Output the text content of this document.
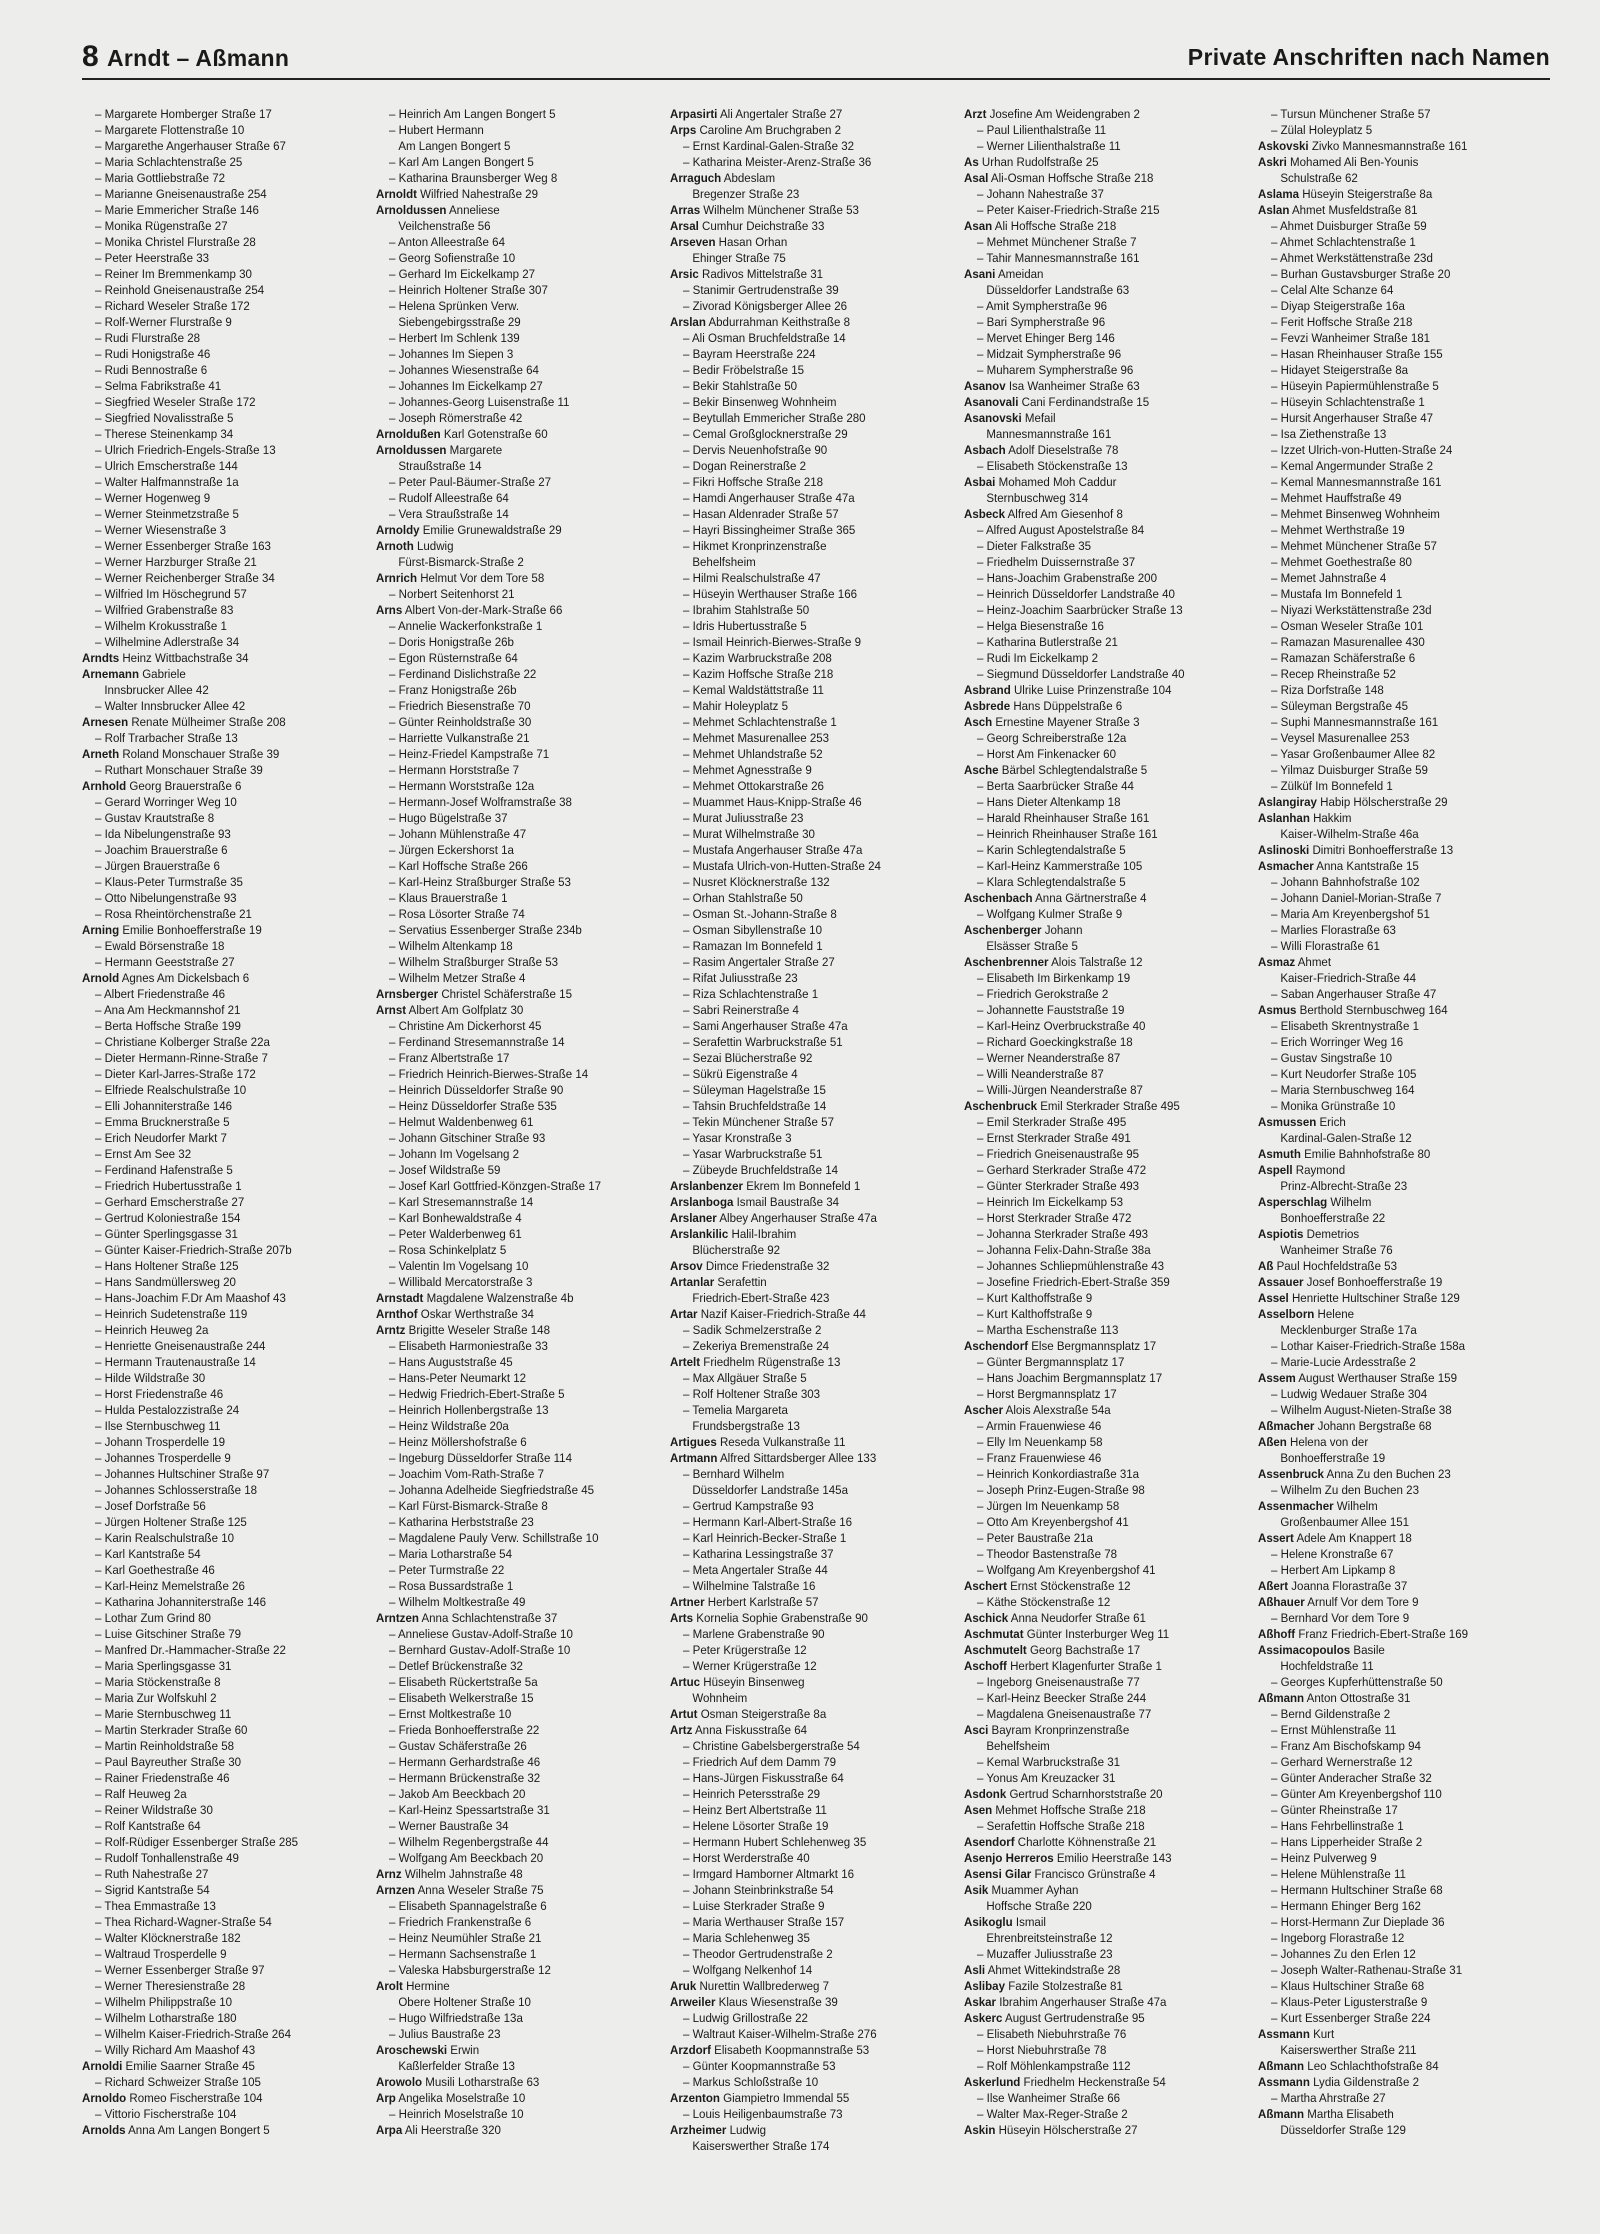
8 Arndt – Aßmann	Private Anschriften nach Namen
– Margarete Homberger Straße 17
– Margarete Flottenstraße 10
– Margarethe Angerhauser Straße 67
– Maria Schlachtenstraße 25
– Maria Gottliebstraße 72
– Marianne Gneisenaustraße 254
– Marie Emmericher Straße 146
– Monika Rügenstraße 27
– Monika Christel Flurstraße 28
– Peter Heerstraße 33
– Reiner Im Bremmenkamp 30
– Reinhold Gneisenaustraße 254
– Richard Weseler Straße 172
– Rolf-Werner Flurstraße 9
– Rudi Flurstraße 28
– Rudi Honigstraße 46
– Rudi Bennostraße 6
– Selma Fabrikstraße 41
– Siegfried Weseler Straße 172
– Siegfried Novalisstraße 5
– Therese Steinenkamp 34
– Ulrich Friedrich-Engels-Straße 13
– Ulrich Emscherstraße 144
– Walter Halfmannstraße 1a
– Werner Hogenweg 9
– Werner Steinmetzstraße 5
– Werner Wiesenstraße 3
– Werner Essenberger Straße 163
– Werner Harzburger Straße 21
– Werner Reichenberger Straße 34
– Wilfried Im Höschegrund 57
– Wilfried Grabenstraße 83
– Wilhelm Krokusstraße 1
– Wilhelmine Adlerstraße 34
Arndts Heinz Wittbachstraße 34
Arnemann Gabriele
Innsbrucker Allee 42
– Walter Innsbrucker Allee 42
Arnesen Renate Mülheimer Straße 208
– Rolf Trarbacher Straße 13
Arneth Roland Monschauer Straße 39
– Ruthart Monschauer Straße 39
Arnhold Georg Brauerstraße 6
– Gerard Worringer Weg 10
– Gustav Krautstraße 8
– Ida Nibelungenstraße 93
– Joachim Brauerstraße 6
– Jürgen Brauerstraße 6
– Klaus-Peter Turmstraße 35
– Otto Nibelungenstraße 93
– Rosa Rheintörchenstraße 21
Arning Emilie Bonhoefferstraße 19
– Ewald Börsenstraße 18
– Hermann Geeststraße 27
Arnold Agnes Am Dickelsbach 6
– Albert Friedenstraße 46
– Ana Am Heckmannshof 21
– Berta Hoffsche Straße 199
– Christiane Kolberger Straße 22a
– Dieter Hermann-Rinne-Straße 7
– Dieter Karl-Jarres-Straße 172
– Elfriede Realschulstraße 10
– Elli Johanniterstraße 146
– Emma Brucknerstraße 5
– Erich Neudorfer Markt 7
– Ernst Am See 32
– Ferdinand Hafenstraße 5
– Friedrich Hubertusstraße 1
– Gerhard Emscherstraße 27
– Gertrud Koloniestraße 154
– Günter Sperlingsgasse 31
– Günter Kaiser-Friedrich-Straße 207b
– Hans Holtener Straße 125
– Hans Sandmüllersweg 20
– Hans-Joachim F.Dr Am Maashof 43
– Heinrich Sudetenstraße 119
– Heinrich Heuweg 2a
– Henriette Gneisenaustraße 244
– Hermann Trautenaustraße 14
– Hilde Wildstraße 30
– Horst Friedenstraße 46
– Hulda Pestalozzistraße 24
– Ilse Sternbuschweg 11
– Johann Trosperdelle 19
– Johannes Trosperdelle 9
– Johannes Hultschiner Straße 97
– Johannes Schlosserstraße 18
– Josef Dorfstraße 56
– Jürgen Holtener Straße 125
– Karin Realschulstraße 10
– Karl Kantstraße 54
– Karl Goethestraße 46
– Karl-Heinz Memelstraße 26
– Katharina Johanniterstraße 146
– Lothar Zum Grind 80
– Luise Gitschiner Straße 79
– Manfred Dr.-Hammacher-Straße 22
– Maria Sperlingsgasse 31
– Maria Stöckenstraße 8
– Maria Zur Wolfskuhl 2
– Marie Sternbuschweg 11
– Martin Sterkrader Straße 60
– Martin Reinholdstraße 58
– Paul Bayreuther Straße 30
– Rainer Friedenstraße 46
– Ralf Heuweg 2a
– Reiner Wildstraße 30
– Rolf Kantstraße 64
– Rolf-Rüdiger Essenberger Straße 285
– Rudolf Tonhallenstraße 49
– Ruth Nahestraße 27
– Sigrid Kantstraße 54
– Thea Emmastraße 13
– Thea Richard-Wagner-Straße 54
– Walter Klöcknerstraße 182
– Waltraud Trosperdelle 9
– Werner Essenberger Straße 97
– Werner Theresienstraße 28
– Wilhelm Philippstraße 10
– Wilhelm Lotharstraße 180
– Wilhelm Kaiser-Friedrich-Straße 264
– Willy Richard Am Maashof 43
Arnoldi Emilie Saarner Straße 45
– Richard Schweizer Straße 105
Arnoldo Romeo Fischerstraße 104
– Vittorio Fischerstraße 104
Arnolds Anna Am Langen Bongert 5
– Heinrich Am Langen Bongert 5
– Hubert Hermann
Am Langen Bongert 5
– Karl Am Langen Bongert 5
– Katharina Braunsberger Weg 8
Arnoldt Wilfried Nahestraße 29
Arnoldussen Anneliese
Veilchenstraße 56
– Anton Alleestraße 64
– Georg Sofienstraße 10
– Gerhard Im Eickelkamp 27
– Heinrich Holtener Straße 307
– Helena Sprünken Verw.
Siebengebirgsstraße 29
– Herbert Im Schlenk 139
– Johannes Im Siepen 3
– Johannes Wiesenstraße 64
– Johannes Im Eickelkamp 27
– Johannes-Georg Luisenstraße 11
– Joseph Römerstraße 42
Arnoldußen Karl Gotenstraße 60
Arnoldussen Margarete
Straußstraße 14
– Peter Paul-Bäumer-Straße 27
– Rudolf Alleestraße 64
– Vera Straußstraße 14
Arnoldy Emilie Grunewaldstraße 29
Arnoth Ludwig
Fürst-Bismarck-Straße 2
Arnrich Helmut Vor dem Tore 58
– Norbert Seitenhorst 21
Arns Albert Von-der-Mark-Straße 66
– Annelie Wackerfonkstraße 1
– Doris Honigstraße 26b
– Egon Rüsternstraße 64
– Ferdinand Dislichstraße 22
– Franz Honigstraße 26b
– Friedrich Biesenstraße 70
– Günter Reinholdstraße 30
– Harriette Vulkanstraße 21
– Heinz-Friedel Kampstraße 71
– Hermann Horststraße 7
– Hermann Worststraße 12a
– Hermann-Josef Wolframstraße 38
– Hugo Bügelstraße 37
– Johann Mühlenstraße 47
– Jürgen Eckershorst 1a
– Karl Hoffsche Straße 266
– Karl-Heinz Straßburger Straße 53
– Klaus Brauerstraße 1
– Rosa Lösorter Straße 74
– Servatius Essenberger Straße 234b
– Wilhelm Altenkamp 18
– Wilhelm Straßburger Straße 53
– Wilhelm Metzer Straße 4
Arnsberger Christel Schäferstraße 15
Arnst Albert Am Golfplatz 30
– Christine Am Dickerhorst 45
– Ferdinand Stresemannstraße 14
– Franz Albertstraße 17
– Friedrich Heinrich-Bierwes-Straße 14
– Heinrich Düsseldorfer Straße 90
– Heinz Düsseldorfer Straße 535
– Helmut Waldenbenweg 61
– Johann Gitschiner Straße 93
– Johann Im Vogelsang 2
– Josef Wildstraße 59
– Josef Karl Gottfried-Könzgen-Straße 17
– Karl Stresemannstraße 14
– Karl Bonhewaldstraße 4
– Peter Walderbenweg 61
– Rosa Schinkelplatz 5
– Valentin Im Vogelsang 10
– Willibald Mercatorstraße 3
Arnstadt Magdalene Walzenstraße 4b
Arnthof Oskar Werthstraße 34
Arntz Brigitte Weseler Straße 148
– Elisabeth Harmoniestraße 33
– Hans Auguststraße 45
– Hans-Peter Neumarkt 12
– Hedwig Friedrich-Ebert-Straße 5
– Heinrich Hollenbergstraße 13
– Heinz Wildstraße 20a
– Heinz Möllershofstraße 6
– Ingeburg Düsseldorfer Straße 114
– Joachim Vom-Rath-Straße 7
– Johanna Adelheide Siegfriedstraße 45
– Karl Fürst-Bismarck-Straße 8
– Katharina Herbststraße 23
– Magdalene Pauly Verw. Schillstraße 10
– Maria Lotharstraße 54
– Peter Turmstraße 22
– Rosa Bussardstraße 1
– Wilhelm Moltkestraße 49
Arntzen Anna Schlachtenstraße 37
– Anneliese Gustav-Adolf-Straße 10
– Bernhard Gustav-Adolf-Straße 10
– Detlef Brückenstraße 32
– Elisabeth Rückertstraße 5a
– Elisabeth Welkerstraße 15
– Ernst Moltkestraße 10
– Frieda Bonhoefferstraße 22
– Gustav Schäferstraße 26
– Hermann Gerhardstraße 46
– Hermann Brückenstraße 32
– Jakob Am Beeckbach 20
– Karl-Heinz Spessartstraße 31
– Werner Baustraße 34
– Wilhelm Regenbergstraße 44
– Wolfgang Am Beeckbach 20
Arnz Wilhelm Jahnstraße 48
Arnzen Anna Weseler Straße 75
– Elisabeth Spannagelstraße 6
– Friedrich Frankenstraße 6
– Heinz Neumühler Straße 21
– Hermann Sachsenstraße 1
– Valeska Habsburgerstraße 12
Arolt Hermine
Obere Holtener Straße 10
– Hugo Wilfriedstraße 13a
– Julius Baustraße 23
Aroschewski Erwin
Kaßlerfelder Straße 13
Arowolo Musili Lotharstraße 63
Arp Angelika Moselstraße 10
– Heinrich Moselstraße 10
Arpa Ali Heerstraße 320
Arpasirti Ali Angertaler Straße 27
Arps Caroline Am Bruchgraben 2
– Ernst Kardinal-Galen-Straße 32
– Katharina Meister-Arenz-Straße 36
Arraguch Abdeslam
Bregenzer Straße 23
Arras Wilhelm Münchener Straße 53
Arsal Cumhur Deichstraße 33
Arseven Hasan Orhan
Ehinger Straße 75
Arsic Radivos Mittelstraße 31
– Stanimir Gertrudenstraße 39
– Zivorad Königsberger Allee 26
Arslan Abdurrahman Keithstraße 8
– Ali Osman Bruchfeldstraße 14
– Bayram Heerstraße 224
– Bedir Fröbelstraße 15
– Bekir Stahlstraße 50
– Bekir Binsenweg Wohnheim
– Beytullah Emmericher Straße 280
– Cemal Großglocknerstraße 29
– Dervis Neuenhofstraße 90
– Dogan Reinerstraße 2
– Fikri Hoffsche Straße 218
– Hamdi Angerhauser Straße 47a
– Hasan Aldenrader Straße 57
– Hayri Bissingheimer Straße 365
– Hikmet Kronprinzenstraße
Behelfsheim
– Hilmi Realschulstraße 47
– Hüseyin Werthauser Straße 166
– Ibrahim Stahlstraße 50
– Idris Hubertusstraße 5
– Ismail Heinrich-Bierwes-Straße 9
– Kazim Warbruckstraße 208
– Kazim Hoffsche Straße 218
– Kemal Waldstättstraße 11
– Mahir Holeyplatz 5
– Mehmet Schlachtenstraße 1
– Mehmet Masurenallee 253
– Mehmet Uhlandstraße 52
– Mehmet Agnesstraße 9
– Mehmet Ottokarstraße 26
– Muammet Haus-Knipp-Straße 46
– Murat Juliusstraße 23
– Murat Wilhelmstraße 30
– Mustafa Angerhauser Straße 47a
– Mustafa Ulrich-von-Hutten-Straße 24
– Nusret Klöcknerstraße 132
– Orhan Stahlstraße 50
– Osman St.-Johann-Straße 8
– Osman Sibyllenstraße 10
– Ramazan Im Bonnefeld 1
– Rasim Angertaler Straße 27
– Rifat Juliusstraße 23
– Riza Schlachtenstraße 1
– Sabri Reinerstraße 4
– Sami Angerhauser Straße 47a
– Serafettin Warbruckstraße 51
– Sezai Blücherstraße 92
– Sükrü Eigenstraße 4
– Süleyman Hagelstraße 15
– Tahsin Bruchfeldstraße 14
– Tekin Münchener Straße 57
– Yasar Kronstraße 3
– Yasar Warbruckstraße 51
– Zübeyde Bruchfeldstraße 14
Arslanbenzer Ekrem Im Bonnefeld 1
Arslanboga Ismail Baustraße 34
Arslaner Albey Angerhauser Straße 47a
Arslankilic Halil-Ibrahim
Blücherstraße 92
Arsov Dimce Friedenstraße 32
Artanlar Serafettin
Friedrich-Ebert-Straße 423
Artar Nazif Kaiser-Friedrich-Straße 44
– Sadik Schmelzerstraße 2
– Zekeriya Bremenstraße 24
Artelt Friedhelm Rügenstraße 13
– Max Allgäuer Straße 5
– Rolf Holtener Straße 303
– Temelia Margareta
Frundsbergstraße 13
Artigues Reseda Vulkanstraße 11
Artmann Alfred Sittardsberger Allee 133
– Bernhard Wilhelm
Düsseldorfer Landstraße 145a
– Gertrud Kampstraße 93
– Hermann Karl-Albert-Straße 16
– Karl Heinrich-Becker-Straße 1
– Katharina Lessingstraße 37
– Meta Angertaler Straße 44
– Wilhelmine Talstraße 16
Artner Herbert Karlstraße 57
Arts Kornelia Sophie Grabenstraße 90
– Marlene Grabenstraße 90
– Peter Krügerstraße 12
– Werner Krügerstraße 12
Artuc Hüseyin Binsenweg
Wohnheim
Artut Osman Steigerstraße 8a
Artz Anna Fiskusstraße 64
– Christine Gabelsbergerstraße 54
– Friedrich Auf dem Damm 79
– Hans-Jürgen Fiskusstraße 64
– Heinrich Petersstraße 29
– Heinz Bert Albertstraße 11
– Helene Lösorter Straße 19
– Hermann Hubert Schlehenweg 35
– Horst Werderstraße 40
– Irmgard Hamborner Altmarkt 16
– Johann Steinbrinkstraße 54
– Luise Sterkrader Straße 9
– Maria Werthauser Straße 157
– Maria Schlehenweg 35
– Theodor Gertrudenstraße 2
– Wolfgang Nelkenhof 14
Aruk Nurettin Wallbrederweg 7
Arweiler Klaus Wiesenstraße 39
– Ludwig Grillostraße 22
– Waltraut Kaiser-Wilhelm-Straße 276
Arzdorf Elisabeth Koopmannstraße 53
– Günter Koopmannstraße 53
– Markus Schloßstraße 10
Arzenton Giampietro Immendal 55
– Louis Heiligenbaumstraße 73
Arzheimer Ludwig
Kaiserswerther Straße 174
Arzt Josefine Am Weidengraben 2
– Paul Lilienthalstraße 11
– Werner Lilienthalstraße 11
As Urhan Rudolfstraße 25
Asal Ali-Osman Hoffsche Straße 218
– Johann Nahestraße 37
– Peter Kaiser-Friedrich-Straße 215
Asan Ali Hoffsche Straße 218
– Mehmet Münchener Straße 7
– Tahir Mannesmannstraße 161
Asani Ameidan
Düsseldorfer Landstraße 63
– Amit Sympherstraße 96
– Bari Sympherstraße 96
– Mervet Ehinger Berg 146
– Midzait Sympherstraße 96
– Muharem Sympherstraße 96
Asanov Isa Wanheimer Straße 63
Asanovali Cani Ferdinandstraße 15
Asanovski Mefail
Mannesmannstraße 161
Asbach Adolf Dieselstraße 78
– Elisabeth Stöckenstraße 13
Asbai Mohamed Moh Caddur
Sternbuschweg 314
Asbeck Alfred Am Giesenhof 8
– Alfred August Apostelstraße 84
– Dieter Falkstraße 35
– Friedhelm Duissernstraße 37
– Hans-Joachim Grabenstraße 200
– Heinrich Düsseldorfer Landstraße 40
– Heinz-Joachim Saarbrücker Straße 13
– Helga Biesenstraße 16
– Katharina Butlerstraße 21
– Rudi Im Eickelkamp 2
– Siegmund Düsseldorfer Landstraße 40
Asbrand Ulrike Luise Prinzenstraße 104
Asbrede Hans Düppelstraße 6
Asch Ernestine Mayener Straße 3
– Georg Schreiberstraße 12a
– Horst Am Finkenacker 60
Asche Bärbel Schlegtendalstraße 5
– Berta Saarbrücker Straße 44
– Hans Dieter Altenkamp 18
– Harald Rheinhauser Straße 161
– Heinrich Rheinhauser Straße 161
– Karin Schlegtendalstraße 5
– Karl-Heinz Kammerstraße 105
– Klara Schlegtendalstraße 5
Aschenbach Anna Gärtnerstraße 4
– Wolfgang Kulmer Straße 9
Aschenberger Johann
Elsässer Straße 5
Aschenbrenner Alois Talstraße 12
– Elisabeth Im Birkenkamp 19
– Friedrich Gerokstraße 2
– Johannette Fauststraße 19
– Karl-Heinz Overbruckstraße 40
– Richard Goeckingkstraße 18
– Werner Neanderstraße 87
– Willi Neanderstraße 87
– Willi-Jürgen Neanderstraße 87
Aschenbruck Emil Sterkrader Straße 495
– Emil Sterkrader Straße 495
– Ernst Sterkrader Straße 491
– Friedrich Gneisenaustraße 95
– Gerhard Sterkrader Straße 472
– Günter Sterkrader Straße 493
– Heinrich Im Eickelkamp 53
– Horst Sterkrader Straße 472
– Johanna Sterkrader Straße 493
– Johanna Felix-Dahn-Straße 38a
– Johannes Schliepmühlenstraße 43
– Josefine Friedrich-Ebert-Straße 359
– Kurt Kalthoffstraße 9
– Kurt Kalthoffstraße 9
– Martha Eschenstraße 113
Aschendorf Else Bergmannsplatz 17
– Günter Bergmannsplatz 17
– Hans Joachim Bergmannsplatz 17
– Horst Bergmannsplatz 17
Ascher Alois Alexstraße 54a
– Armin Frauenwiese 46
– Elly Im Neuenkamp 58
– Franz Frauenwiese 46
– Heinrich Konkordiastraße 31a
– Joseph Prinz-Eugen-Straße 98
– Jürgen Im Neuenkamp 58
– Otto Am Kreyenbergshof 41
– Peter Baustraße 21a
– Theodor Bastenstraße 78
– Wolfgang Am Kreyenbergshof 41
Aschert Ernst Stöckenstraße 12
– Käthe Stöckenstraße 12
Aschick Anna Neudorfer Straße 61
Aschmutat Günter Insterburger Weg 11
Aschmutelt Georg Bachstraße 17
Aschoff Herbert Klagenfurter Straße 1
– Ingeborg Gneisenaustraße 77
– Karl-Heinz Beecker Straße 244
– Magdalena Gneisenaustraße 77
Asci Bayram Kronprinzenstraße
Behelfsheim
– Kemal Warbruckstraße 31
– Yonus Am Kreuzacker 31
Asdonk Gertrud Scharnhorststraße 20
Asen Mehmet Hoffsche Straße 218
– Serafettin Hoffsche Straße 218
Asendorf Charlotte Köhnenstraße 21
Asenjo Herreros Emilio Heerstraße 143
Asensi Gilar Francisco Grünstraße 4
Asik Muammer Ayhan
Hoffsche Straße 220
Asikoglu Ismail
Ehrenbreitsteinstraße 12
– Muzaffer Juliusstraße 23
Asli Ahmet Wittekindstraße 28
Aslibay Fazile Stolzestraße 81
Askar Ibrahim Angerhauser Straße 47a
Askerc August Gertrudenstraße 95
– Elisabeth Niebuhrstraße 76
– Horst Niebuhrstraße 78
– Rolf Möhlenkampstraße 112
Askerlund Friedhelm Heckenstraße 54
– Ilse Wanheimer Straße 66
– Walter Max-Reger-Straße 2
Askin Hüseyin Hölscherstraße 27
– Tursun Münchener Straße 57
– Zülal Holeyplatz 5
Askovski Zivko Mannesmannstraße 161
Askri Mohamed Ali Ben-Younis
Schulstraße 62
Aslama Hüseyin Steigerstraße 8a
Aslan Ahmet Musfeldstraße 81
– Ahmet Duisburger Straße 59
– Ahmet Schlachtenstraße 1
– Ahmet Werkstättenstraße 23d
– Burhan Gustavsburger Straße 20
– Celal Alte Schanze 64
– Diyap Steigerstraße 16a
– Ferit Hoffsche Straße 218
– Fevzi Wanheimer Straße 181
– Hasan Rheinhauser Straße 155
– Hidayet Steigerstraße 8a
– Hüseyin Papiermühlenstraße 5
– Hüseyin Schlachtenstraße 1
– Hursit Angerhauser Straße 47
– Isa Ziethenstraße 13
– Izzet Ulrich-von-Hutten-Straße 24
– Kemal Angermunder Straße 2
– Kemal Mannesmannstraße 161
– Mehmet Hauffstraße 49
– Mehmet Binsenweg Wohnheim
– Mehmet Werthstraße 19
– Mehmet Münchener Straße 57
– Mehmet Goethestraße 80
– Memet Jahnstraße 4
– Mustafa Im Bonnefeld 1
– Niyazi Werkstättenstraße 23d
– Osman Weseler Straße 101
– Ramazan Masurenallee 430
– Ramazan Schäferstraße 6
– Recep Rheinstraße 52
– Riza Dorfstraße 148
– Süleyman Bergstraße 45
– Suphi Mannesmannstraße 161
– Veysel Masurenallee 253
– Yasar Großenbaumer Allee 82
– Yilmaz Duisburger Straße 59
– Zülküf Im Bonnefeld 1
Aslangiray Habip Hölscherstraße 29
Aslanhan Hakkim
Kaiser-Wilhelm-Straße 46a
Aslinoski Dimitri Bonhoefferstraße 13
Asmacher Anna Kantstraße 15
– Johann Bahnhofstraße 102
– Johann Daniel-Morian-Straße 7
– Maria Am Kreyenbergshof 51
– Marlies Florastraße 63
– Willi Florastraße 61
Asmaz Ahmet
Kaiser-Friedrich-Straße 44
– Saban Angerhauser Straße 47
Asmus Berthold Sternbuschweg 164
– Elisabeth Skrentnystraße 1
– Erich Worringer Weg 16
– Gustav Singstraße 10
– Kurt Neudorfer Straße 105
– Maria Sternbuschweg 164
– Monika Grünstraße 10
Asmussen Erich
Kardinal-Galen-Straße 12
Asmuth Emilie Bahnhofstraße 80
Aspell Raymond
Prinz-Albrecht-Straße 23
Asperschlag Wilhelm
Bonhoefferstraße 22
Aspiotis Demetrios
Wanheimer Straße 76
Aß Paul Hochfeldstraße 53
Assauer Josef Bonhoefferstraße 19
Assel Henriette Hultschiner Straße 129
Asselborn Helene
Mecklenburger Straße 17a
– Lothar Kaiser-Friedrich-Straße 158a
– Marie-Lucie Ardesstraße 2
Assem August Werthauser Straße 159
– Ludwig Wedauer Straße 304
– Wilhelm August-Nieten-Straße 38
Aßmacher Johann Bergstraße 68
Aßen Helena von der
Bonhoefferstraße 19
Assenbruck Anna Zu den Buchen 23
– Wilhelm Zu den Buchen 23
Assenmacher Wilhelm
Großenbaumer Allee 151
Assert Adele Am Knappert 18
– Helene Kronstraße 67
– Herbert Am Lipkamp 8
Aßert Joanna Florastraße 37
Aßhauer Arnulf Vor dem Tore 9
– Bernhard Vor dem Tore 9
Aßhoff Franz Friedrich-Ebert-Straße 169
Assimacopoulos Basile
Hochfeldstraße 11
– Georges Kupferhüttenstraße 50
Aßmann Anton Ottostraße 31
– Bernd Gildenstraße 2
– Ernst Mühlenstraße 11
– Franz Am Bischofskamp 94
– Gerhard Wernerstraße 12
– Günter Anderacher Straße 32
– Günter Am Kreyenbergshof 110
– Günter Rheinstraße 17
– Hans Fehrbellinstraße 1
– Hans Lipperheider Straße 2
– Heinz Pulverweg 9
– Helene Mühlenstraße 11
– Hermann Hultschiner Straße 68
– Hermann Ehinger Berg 162
– Horst-Hermann Zur Dieplade 36
– Ingeborg Florastraße 12
– Johannes Zu den Erlen 12
– Joseph Walter-Rathenau-Straße 31
– Klaus Hultschiner Straße 68
– Klaus-Peter Ligusterstraße 9
– Kurt Essenberger Straße 224
Assmann Kurt
Kaiserswerther Straße 211
Aßmann Leo Schlachthofstraße 84
Assmann Lydia Gildenstraße 2
– Martha Ahrstraße 27
Aßmann Martha Elisabeth
Düsseldorfer Straße 129
